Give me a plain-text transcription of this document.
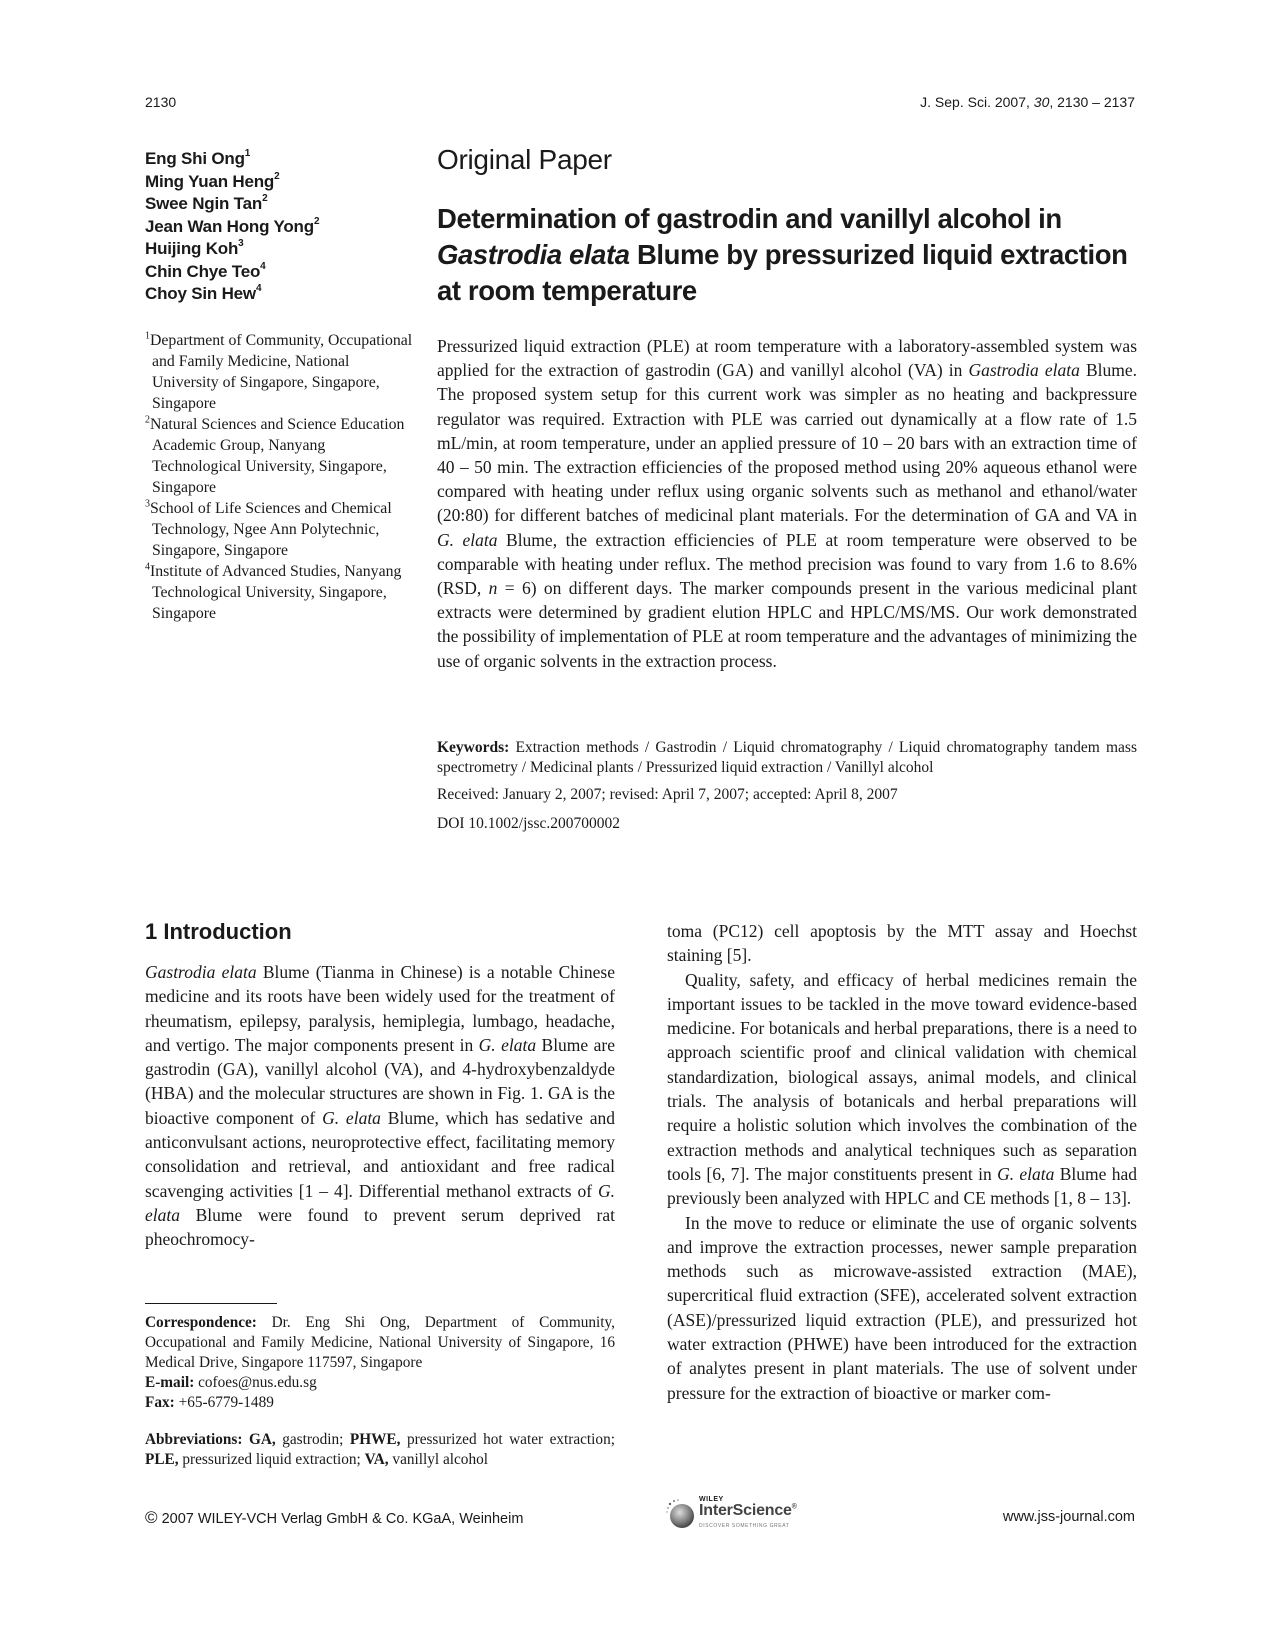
2130	J. Sep. Sci. 2007, 30, 2130 – 2137
Eng Shi Ong$^1$
Ming Yuan Heng$^2$
Swee Ngin Tan$^2$
Jean Wan Hong Yong$^2$
Huijing Koh$^3$
Chin Chye Teo$^4$
Choy Sin Hew$^4$
$^1$Department of Community, Occupational and Family Medicine, National University of Singapore, Singapore, Singapore
$^2$Natural Sciences and Science Education Academic Group, Nanyang Technological University, Singapore, Singapore
$^3$School of Life Sciences and Chemical Technology, Ngee Ann Polytechnic, Singapore, Singapore
$^4$Institute of Advanced Studies, Nanyang Technological University, Singapore, Singapore
Original Paper
Determination of gastrodin and vanillyl alcohol in Gastrodia elata Blume by pressurized liquid extraction at room temperature

Pressurized liquid extraction (PLE) at room temperature with a laboratory-assembled system was applied for the extraction of gastrodin (GA) and vanillyl alcohol (VA) in Gastrodia elata Blume. The proposed system setup for this current work was simpler as no heating and backpressure regulator was required. Extraction with PLE was carried out dynamically at a flow rate of 1.5 mL/min, at room temperature, under an applied pressure of 10 – 20 bars with an extraction time of 40 – 50 min. The extraction efficiencies of the proposed method using 20% aqueous ethanol were compared with heating under reflux using organic solvents such as methanol and ethanol/water (20:80) for different batches of medicinal plant materials. For the determination of GA and VA in G. elata Blume, the extraction efficiencies of PLE at room temperature were observed to be comparable with heating under reflux. The method precision was found to vary from 1.6 to 8.6% (RSD, n = 6) on different days. The marker compounds present in the various medicinal plant extracts were determined by gradient elution HPLC and HPLC/MS/MS. Our work demonstrated the possibility of implementation of PLE at room temperature and the advantages of minimizing the use of organic solvents in the extraction process.

Keywords: Extraction methods / Gastrodin / Liquid chromatography / Liquid chromatography tandem mass spectrometry / Medicinal plants / Pressurized liquid extraction / Vanillyl alcohol

Received: January 2, 2007; revised: April 7, 2007; accepted: April 8, 2007
DOI 10.1002/jssc.200700002
1 Introduction

Gastrodia elata Blume (Tianma in Chinese) is a notable Chinese medicine and its roots have been widely used for the treatment of rheumatism, epilepsy, paralysis, hemiplegia, lumbago, headache, and vertigo. The major components present in G. elata Blume are gastrodin (GA), vanillyl alcohol (VA), and 4-hydroxybenzaldyde (HBA) and the molecular structures are shown in Fig. 1. GA is the bioactive component of G. elata Blume, which has sedative and anticonvulsant actions, neuroprotective effect, facilitating memory consolidation and retrieval, and antioxidant and free radical scavenging activities [1 – 4]. Differential methanol extracts of G. elata Blume were found to prevent serum deprived rat pheochromocy-

toma (PC12) cell apoptosis by the MTT assay and Hoechst staining [5].

Quality, safety, and efficacy of herbal medicines remain the important issues to be tackled in the move toward evidence-based medicine. For botanicals and herbal preparations, there is a need to approach scientific proof and clinical validation with chemical standardization, biological assays, animal models, and clinical trials. The analysis of botanicals and herbal preparations will require a holistic solution which involves the combination of the extraction methods and analytical techniques such as separation tools [6, 7]. The major constituents present in G. elata Blume had previously been analyzed with HPLC and CE methods [1, 8 – 13].

In the move to reduce or eliminate the use of organic solvents and improve the extraction processes, newer sample preparation methods such as microwave-assisted extraction (MAE), supercritical fluid extraction (SFE), accelerated solvent extraction (ASE)/pressurized liquid extraction (PLE), and pressurized hot water extraction (PHWE) have been introduced for the extraction of analytes present in plant materials. The use of solvent under pressure for the extraction of bioactive or marker com-

Correspondence: Dr. Eng Shi Ong, Department of Community, Occupational and Family Medicine, National University of Singapore, 16 Medical Drive, Singapore 117597, Singapore
E-mail: cofoes@nus.edu.sg
Fax: +65-6779-1489

Abbreviations: GA, gastrodin; PHWE, pressurized hot water extraction; PLE, pressurized liquid extraction; VA, vanillyl alcohol

© 2007 WILEY-VCH Verlag GmbH & Co. KGaA, Weinheim
WILEY
InterScience®
DISCOVER SOMETHING GREAT
www.jss-journal.com
